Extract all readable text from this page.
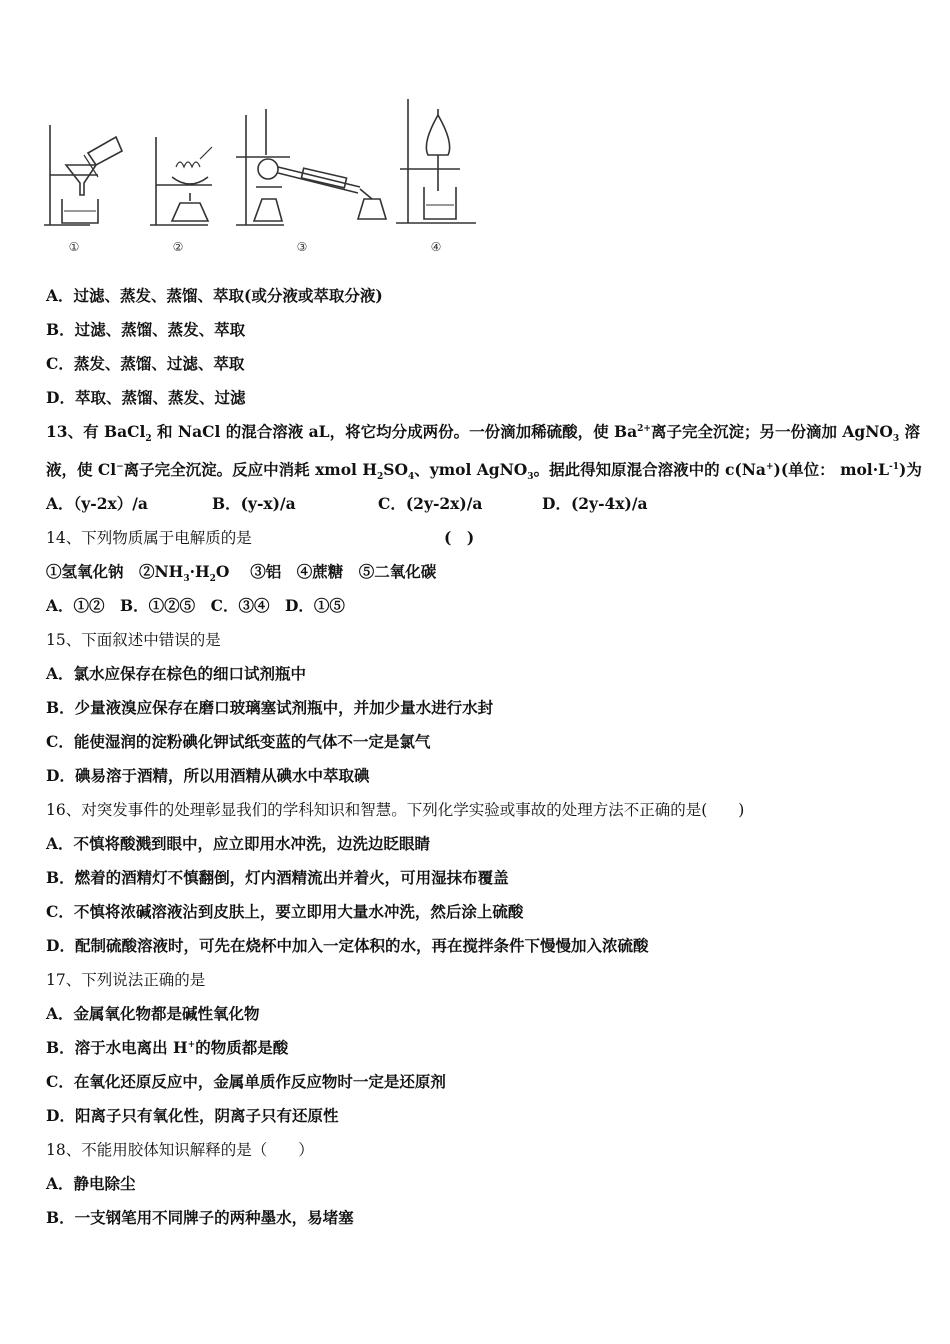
①	②	③	④
A．过滤、蒸发、蒸馏、萃取(或分液或萃取分液)
B．过滤、蒸馏、蒸发、萃取
C．蒸发、蒸馏、过滤、萃取
D．萃取、蒸馏、蒸发、过滤
13、有 BaCl$_2$ 和 NaCl 的混合溶液 aL，将它均分成两份。一份滴加稀硫酸，使 $Ba^{2+}$离子完全沉淀；另一份滴加 AgNO$_3$ 溶
液，使 Cl−离子完全沉淀。反应中消耗 xmol $H_2SO_4$、ymol AgNO$_3$。据此得知原混合溶液中的 c(Na+)(单位： $mol\cdot L^{-1}$)为
A．（y-2x）/a	B．(y-x)/a	C．(2y-2x)/a	D．(2y-4x)/a
14、下列物质属于电解质的是	(　)
①氢氧化钠　$②NH_3\cdot H_2O$　 ③铝　④蔗糖　⑤二氧化碳
A．①②　B．①②⑤　C．③④　D．①⑤
15、下面叙述中错误的是
A．氯水应保存在棕色的细口试剂瓶中
B．少量液溴应保存在磨口玻璃塞试剂瓶中，并加少量水进行水封
C．能使湿润的淀粉碘化钾试纸变蓝的气体不一定是氯气
D．碘易溶于酒精，所以用酒精从碘水中萃取碘
16、对突发事件的处理彰显我们的学科知识和智慧。下列化学实验或事故的处理方法不正确的是(　　)
A．不慎将酸溅到眼中，应立即用水冲洗，边洗边眨眼睛
B．燃着的酒精灯不慎翻倒，灯内酒精流出并着火，可用湿抹布覆盖
C．不慎将浓碱溶液沾到皮肤上，要立即用大量水冲洗，然后涂上硫酸
D．配制硫酸溶液时，可先在烧杯中加入一定体积的水，再在搅拌条件下慢慢加入浓硫酸
17、下列说法正确的是
A．金属氧化物都是碱性氧化物
B．溶于水电离出 H+的物质都是酸
C．在氧化还原反应中，金属单质作反应物时一定是还原剂
D．阳离子只有氧化性，阴离子只有还原性
18、不能用胶体知识解释的是（　　）
A．静电除尘
B．一支钢笔用不同牌子的两种墨水，易堵塞
